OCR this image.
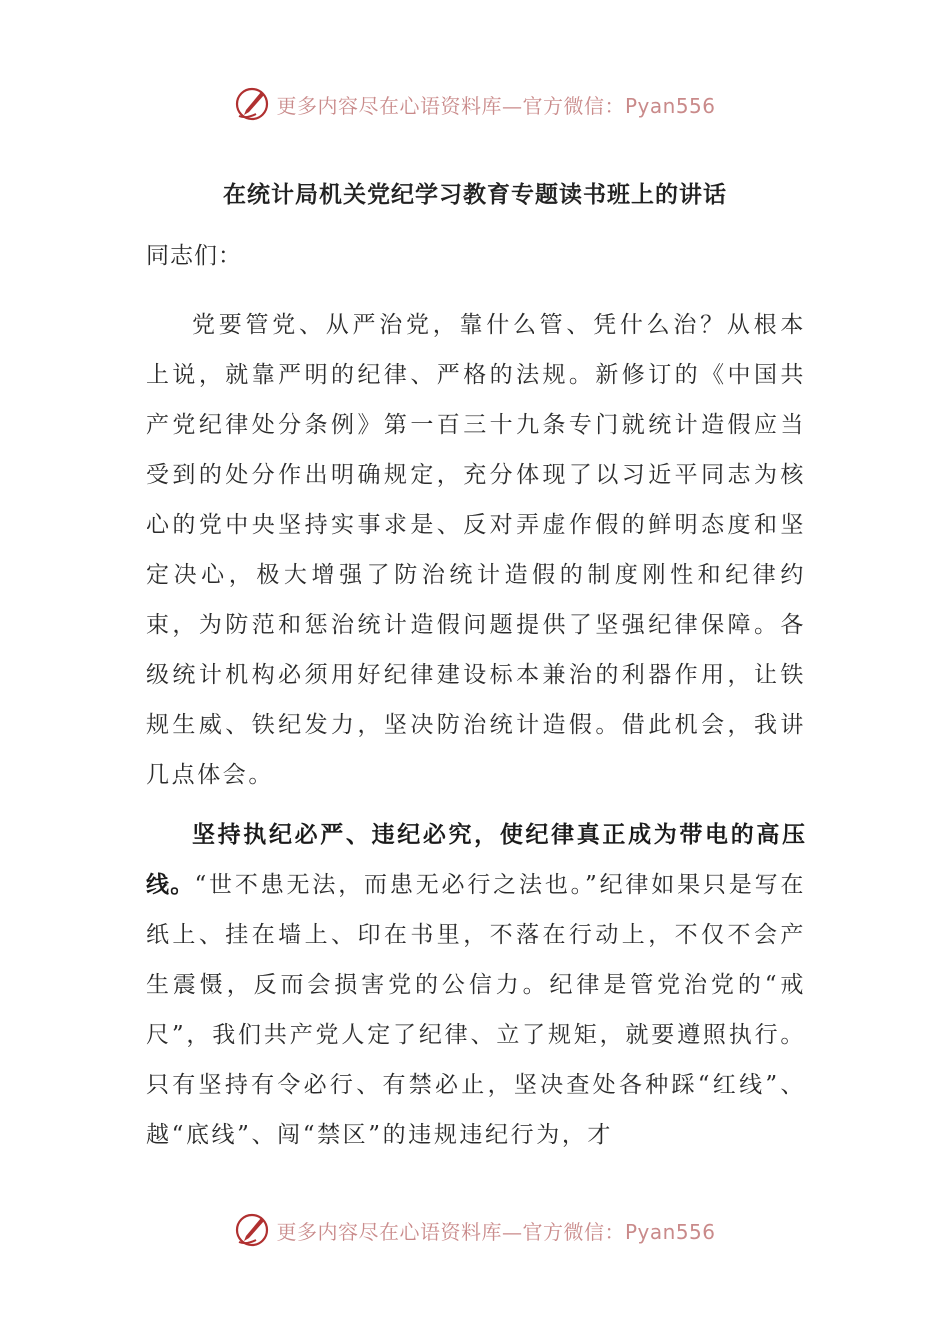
更多内容尽在心语资料库—官方微信：Pyan556
在统计局机关党纪学习教育专题读书班上的讲话

同志们：

党要管党、从严治党，靠什么管、凭什么治？从根本上说，就靠严明的纪律、严格的法规。新修订的《中国共产党纪律处分条例》第一百三十九条专门就统计造假应当受到的处分作出明确规定，充分体现了以习近平同志为核心的党中央坚持实事求是、反对弄虚作假的鲜明态度和坚定决心，极大增强了防治统计造假的制度刚性和纪律约束，为防范和惩治统计造假问题提供了坚强纪律保障。各级统计机构必须用好纪律建设标本兼治的利器作用，让铁规生威、铁纪发力，坚决防治统计造假。借此机会，我讲几点体会。

坚持执纪必严、违纪必究，使纪律真正成为带电的高压线。“世不患无法，而患无必行之法也。”纪律如果只是写在纸上、挂在墙上、印在书里，不落在行动上，不仅不会产生震慑，反而会损害党的公信力。纪律是管党治党的“戒尺”，我们共产党人定了纪律、立了规矩，就要遵照执行。只有坚持有令必行、有禁必止，坚决查处各种踩“红线”、越“底线”、闯“禁区”的违规违纪行为，才

更多内容尽在心语资料库—官方微信：Pyan556
